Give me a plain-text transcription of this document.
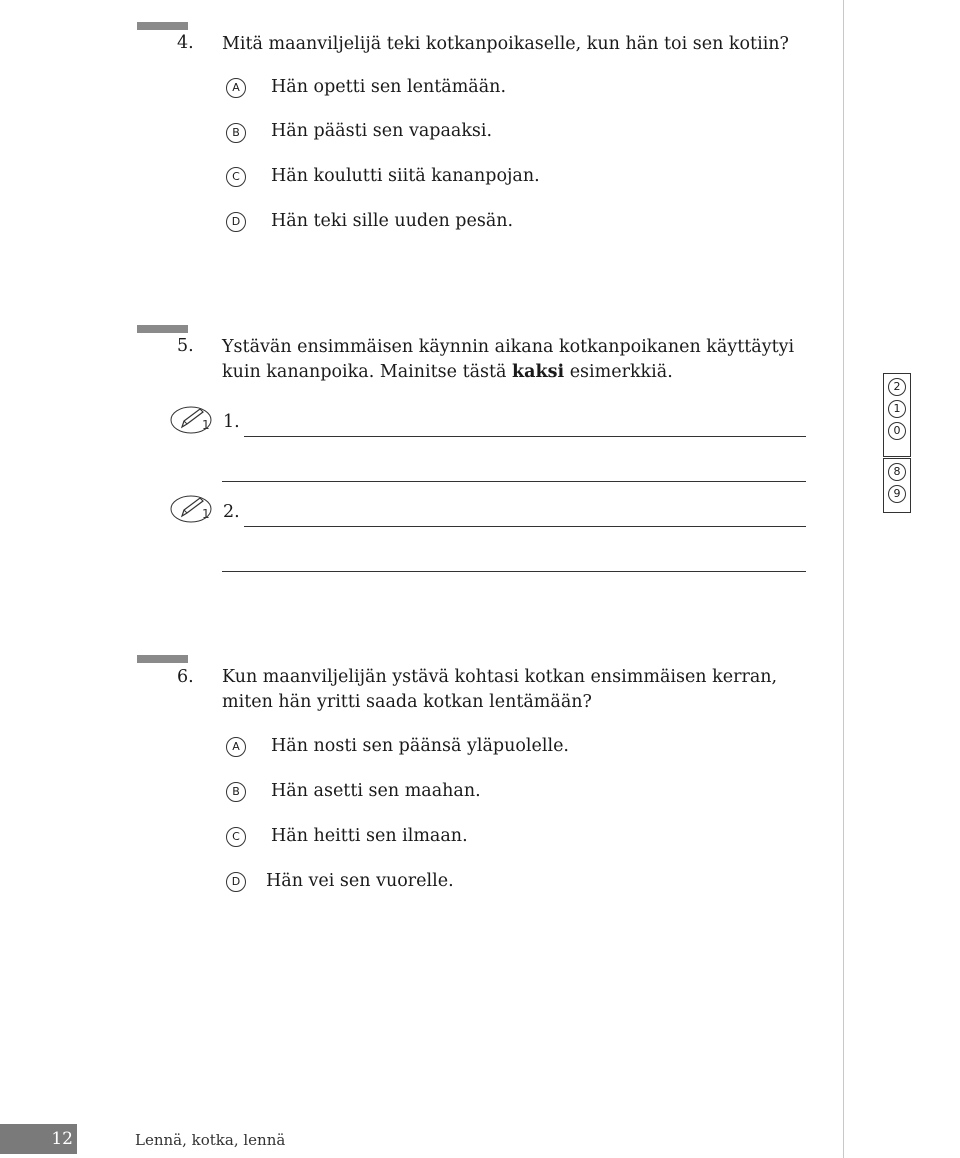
4. Mitä maanviljelijä teki kotkanpoikaselle, kun hän toi sen kotiin?
A	Hän opetti sen lentämään.
B	Hän päästi sen vapaaksi.
C	Hän koulutti siitä kananpojan.
D	Hän teki sille uuden pesän.
5. Ystävän ensimmäisen käynnin aikana kotkanpoikanen käyttäytyi kuin kananpoika. Mainitse tästä kaksi esimerkkiä.
1 1.
1 2.
2
1
0
8
9
6. Kun maanviljelijän ystävä kohtasi kotkan ensimmäisen kerran, miten hän yritti saada kotkan lentämään?
A	Hän nosti sen päänsä yläpuolelle.
B	Hän asetti sen maahan.
C	Hän heitti sen ilmaan.
D	Hän vei sen vuorelle.
12	Lennä, kotka, lennä
